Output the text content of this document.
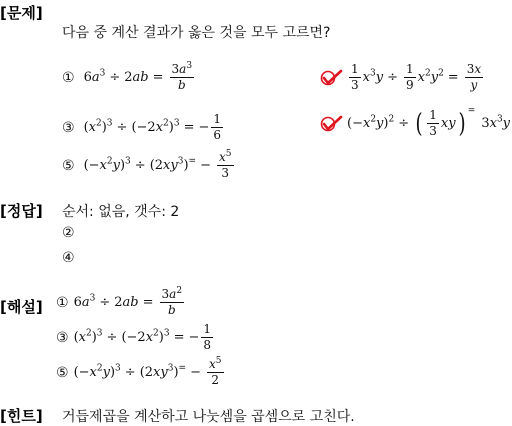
[문제]
다음 중 계산 결과가 옳은 것을 모두 고르면?
① $6a^3 \div 2ab = \frac{3a^3}{b}$	$\frac{1}{3} x^3y \div \frac{1}{9} x^2y^2 = \frac{3x}{y}$
③ $(x^2)^3 \div (-2x^2)^3$ = − $\frac{1}{6}$	$(-x^2y)^2$ ÷ ( $\frac{1}{3}$ xy ) =
$3x^3y$
⑤ $(-x^2y)^3 \div (2xy^3)^= - \frac{x^5}{3}$
[정답] 순서: 없음, 갯수: 2
②
④
[해설] ① $6a^3 \div 2ab = \frac{3a^2}{b}$
③ $(x^2)^3 \div (-2x^2)^3$ = − $\frac{1}{8}$
⑤ $(-x^2y)^3 \div (2xy^3)^= - \frac{x^5}{2}$
[힌트] 거듭제곱을 계산하고 나눗셈을 곱셈으로 고친다.
